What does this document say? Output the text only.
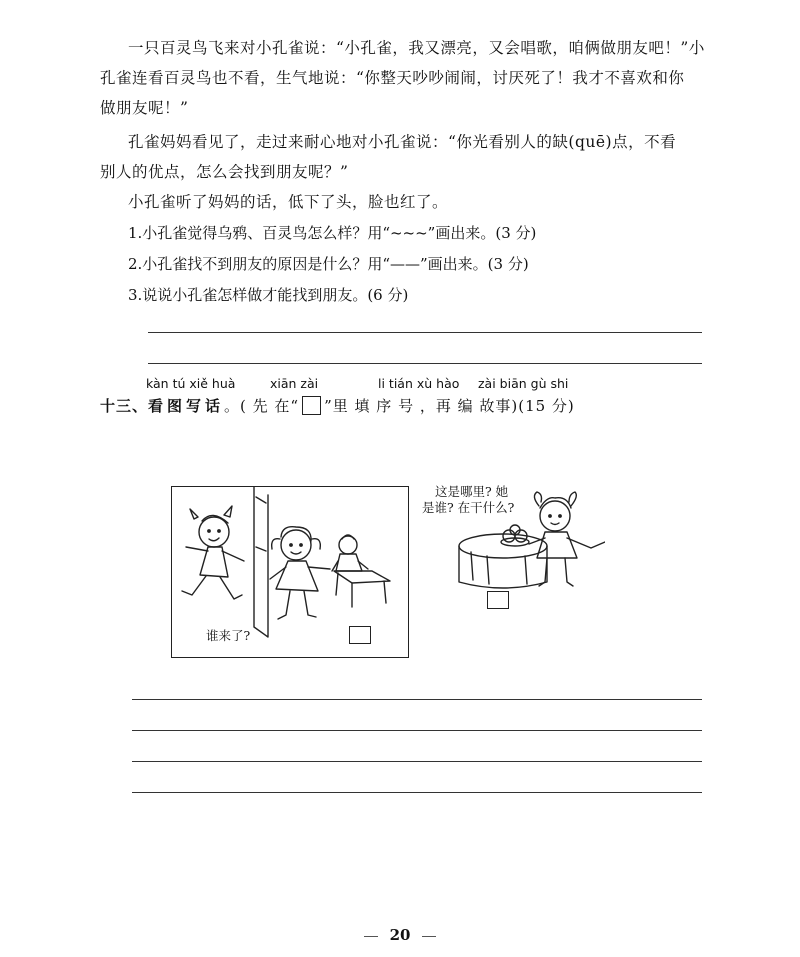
一只百灵鸟飞来对小孔雀说：“小孔雀，我又漂亮，又会唱歌，咱俩做朋友吧！”小
孔雀连看百灵鸟也不看，生气地说：“你整天吵吵闹闹，讨厌死了！我才不喜欢和你
做朋友呢！”
孔雀妈妈看见了，走过来耐心地对小孔雀说：“你光看别人的缺(quē)点，不看
别人的优点，怎么会找到朋友呢？”
小孔雀听了妈妈的话，低下了头，脸也红了。
1.小孔雀觉得乌鸦、百灵鸟怎么样？用“~~~”画出来。(3 分)
2.小孔雀找不到朋友的原因是什么？用“——”画出来。(3 分)
3.说说小孔雀怎样做才能找到朋友。(6 分)
kàn tú xiě huà	xiān zài	li tián xù hào zài biān gù shi
十三、看图写话。( 先 在“ ”里 填 序 号 ，再 编 故事)(15 分)
谁来了?
这是哪里? 她
是谁? 在干什么?
20
